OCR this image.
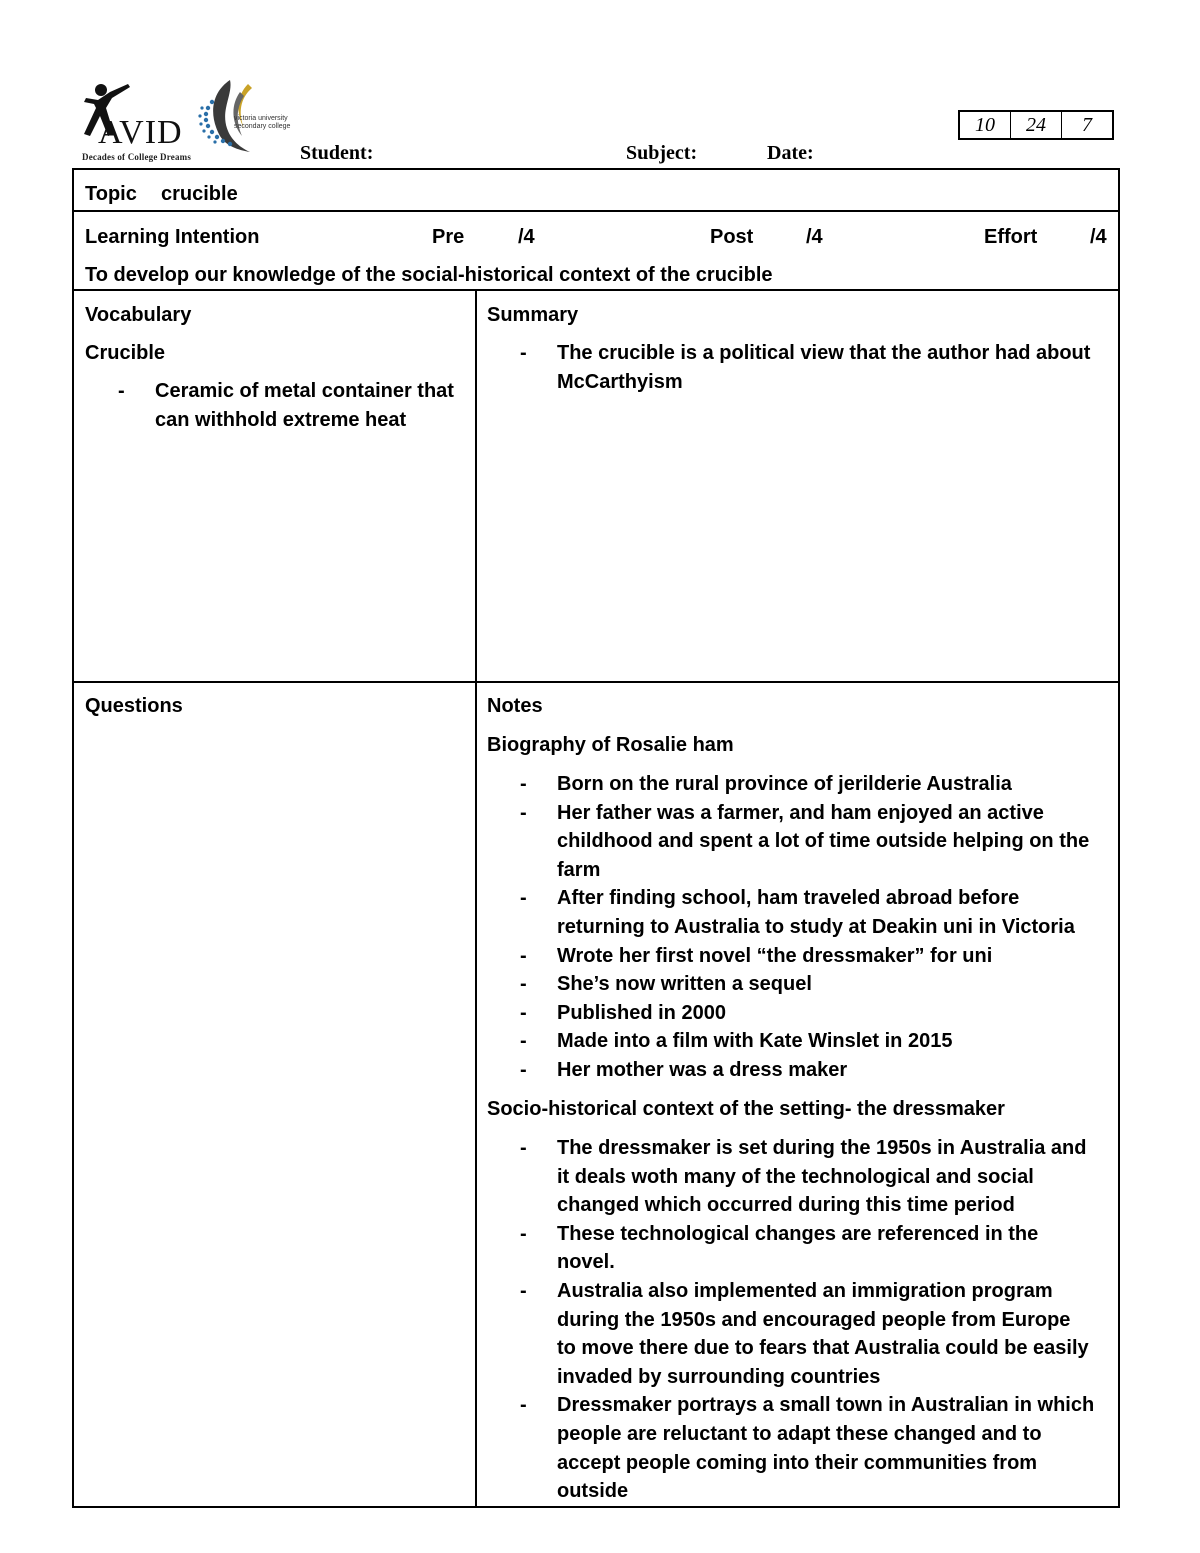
AVID
Decades of College Dreams
victoria university secondary college
Student:	Subject:	Date:
10	24	7
Topic crucible
Learning Intention	Pre	/4	Post	/4	Effort	/4
To develop our knowledge of the social-historical context of the crucible
Vocabulary
Crucible
- Ceramic of metal container that
can withhold extreme heat
Summary
- The crucible is a political view that the author had about
McCarthyism
Questions	Notes
Biography of Rosalie ham
- Born on the rural province of jerilderie Australia
- Her father was a farmer, and ham enjoyed an active
childhood and spent a lot of time outside helping on the
farm
- After finding school, ham traveled abroad before
returning to Australia to study at Deakin uni in Victoria
- Wrote her first novel “the dressmaker” for uni
- She’s now written a sequel
- Published in 2000
- Made into a film with Kate Winslet in 2015
- Her mother was a dress maker
Socio-historical context of the setting- the dressmaker
- The dressmaker is set during the 1950s in Australia and
it deals woth many of the technological and social
changed which occurred during this time period
- These technological changes are referenced in the
novel.
- Australia also implemented an immigration program
during the 1950s and encouraged people from Europe
to move there due to fears that Australia could be easily
invaded by surrounding countries
- Dressmaker portrays a small town in Australian in which
people are reluctant to adapt these changed and to
accept people coming into their communities from
outside
